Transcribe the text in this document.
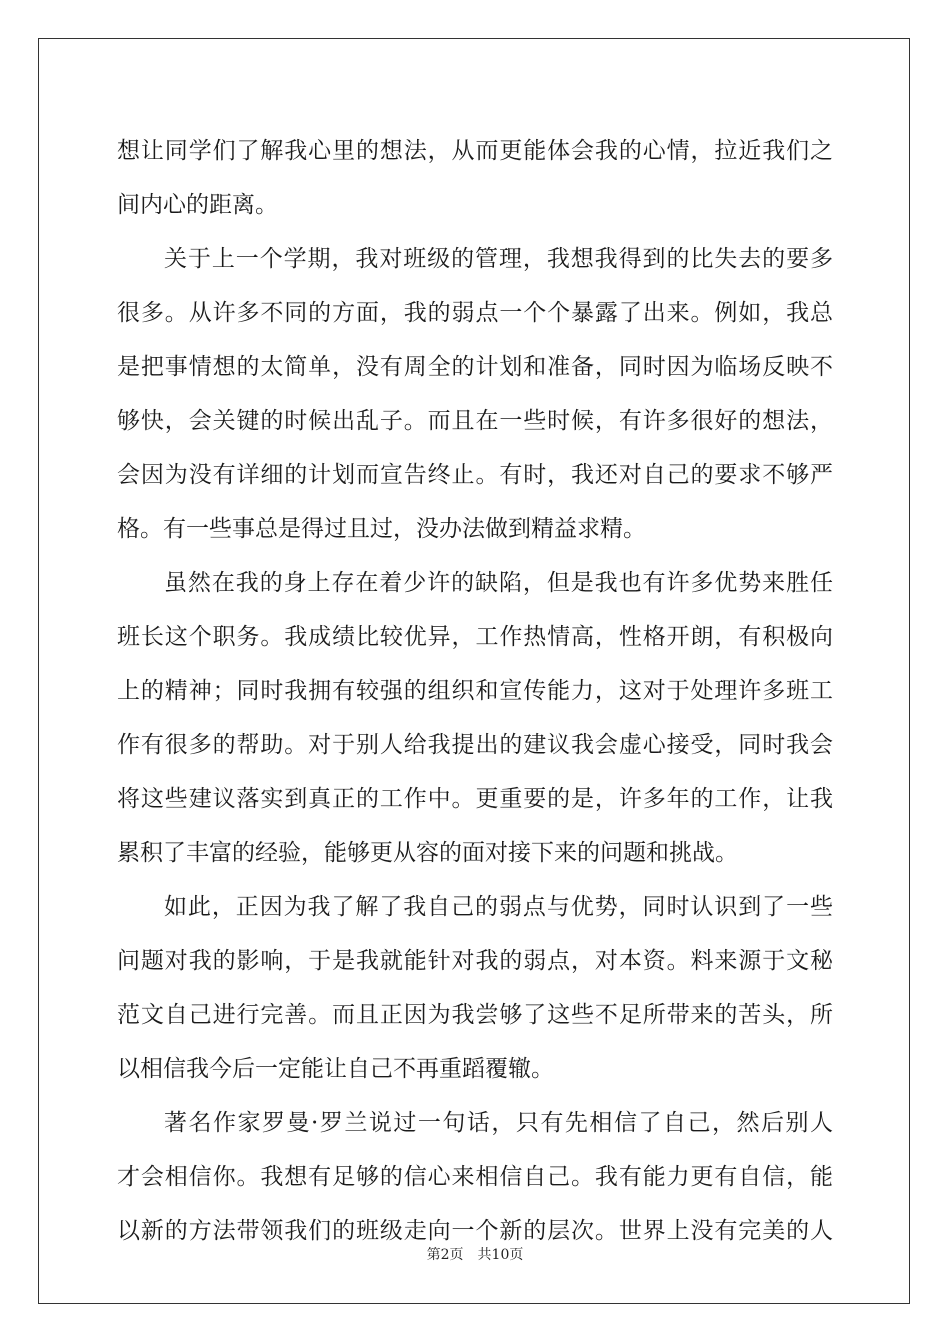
想让同学们了解我心里的想法，从而更能体会我的心情，拉近我们之
间内心的距离。
关于上一个学期，我对班级的管理，我想我得到的比失去的要多
很多。从许多不同的方面，我的弱点一个个暴露了出来。例如，我总
是把事情想的太简单，没有周全的计划和准备，同时因为临场反映不
够快，会关键的时候出乱子。而且在一些时候，有许多很好的想法，
会因为没有详细的计划而宣告终止。有时，我还对自己的要求不够严
格。有一些事总是得过且过，没办法做到精益求精。
虽然在我的身上存在着少许的缺陷，但是我也有许多优势来胜任
班长这个职务。我成绩比较优异，工作热情高，性格开朗，有积极向
上的精神；同时我拥有较强的组织和宣传能力，这对于处理许多班工
作有很多的帮助。对于别人给我提出的建议我会虚心接受，同时我会
将这些建议落实到真正的工作中。更重要的是，许多年的工作，让我
累积了丰富的经验，能够更从容的面对接下来的问题和挑战。
如此，正因为我了解了我自己的弱点与优势，同时认识到了一些
问题对我的影响，于是我就能针对我的弱点，对本资。料来源于文秘
范文自己进行完善。而且正因为我尝够了这些不足所带来的苦头，所
以相信我今后一定能让自己不再重蹈覆辙。
著名作家罗曼·罗兰说过一句话，只有先相信了自己，然后别人
才会相信你。我想有足够的信心来相信自己。我有能力更有自信，能
以新的方法带领我们的班级走向一个新的层次。世界上没有完美的人
第2页 共10页
